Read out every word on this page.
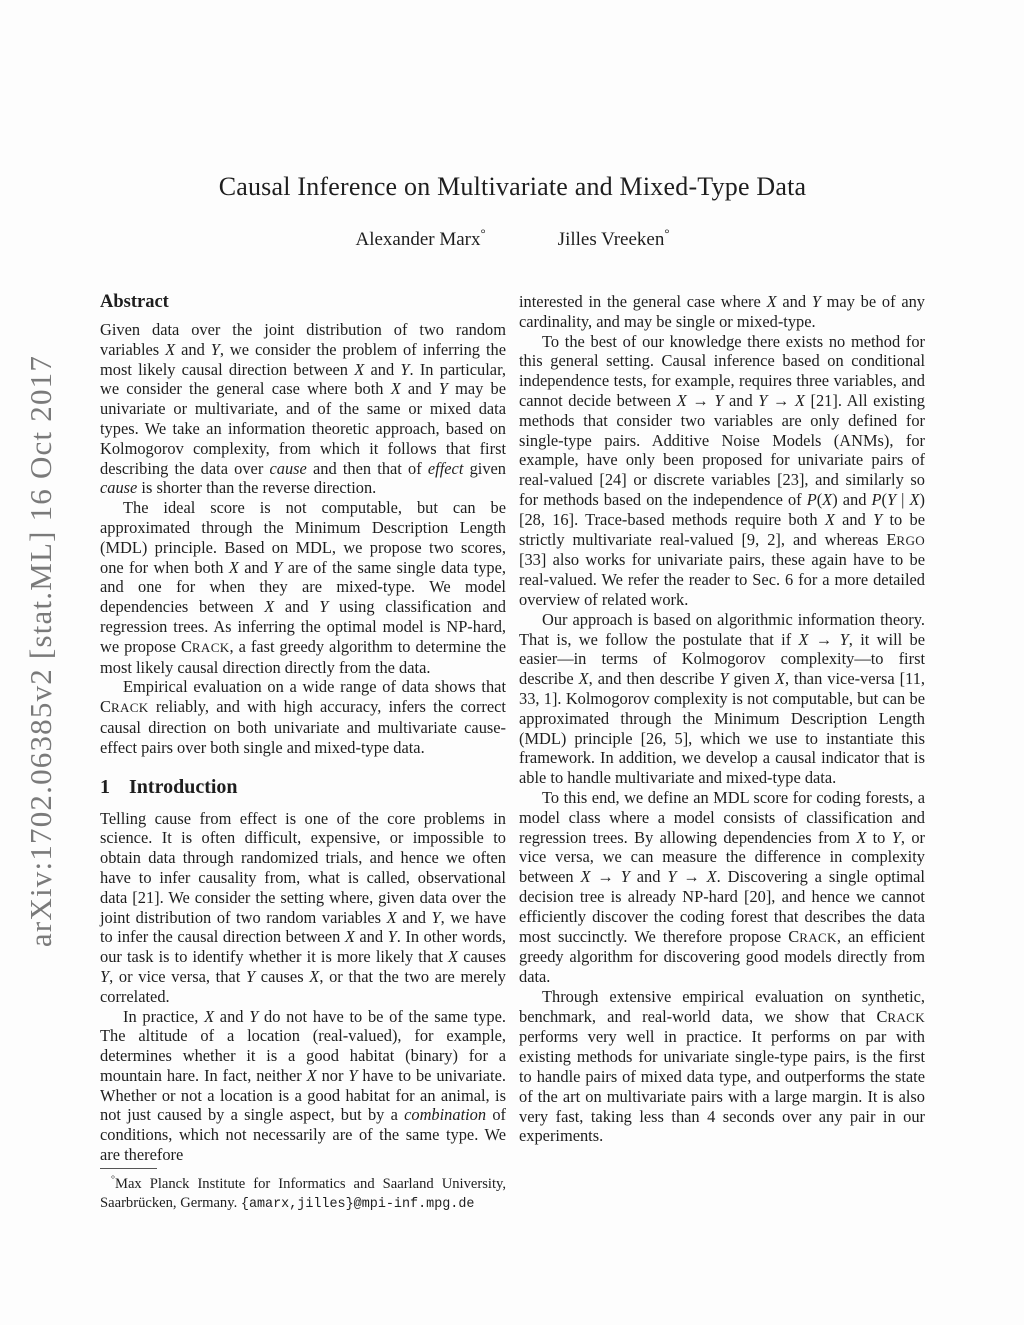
arXiv:1702.06385v2 [stat.ML] 16 Oct 2017
Causal Inference on Multivariate and Mixed-Type Data
Alexander Marx°	Jilles Vreeken°
Abstract

Given data over the joint distribution of two random variables X and Y, we consider the problem of inferring the most likely causal direction between X and Y. In particular, we consider the general case where both X and Y may be univariate or multivariate, and of the same or mixed data types. We take an information theoretic approach, based on Kolmogorov complexity, from which it follows that first describing the data over cause and then that of effect given cause is shorter than the reverse direction.

The ideal score is not computable, but can be approximated through the Minimum Description Length (MDL) principle. Based on MDL, we propose two scores, one for when both X and Y are of the same single data type, and one for when they are mixed-type. We model dependencies between X and Y using classification and regression trees. As inferring the optimal model is NP-hard, we propose CRACK, a fast greedy algorithm to determine the most likely causal direction directly from the data.

Empirical evaluation on a wide range of data shows that CRACK reliably, and with high accuracy, infers the correct causal direction on both univariate and multivariate cause-effect pairs over both single and mixed-type data.

1 Introduction

Telling cause from effect is one of the core problems in science. It is often difficult, expensive, or impossible to obtain data through randomized trials, and hence we often have to infer causality from, what is called, observational data [21]. We consider the setting where, given data over the joint distribution of two random variables X and Y, we have to infer the causal direction between X and Y. In other words, our task is to identify whether it is more likely that X causes Y, or vice versa, that Y causes X, or that the two are merely correlated.

In practice, X and Y do not have to be of the same type. The altitude of a location (real-valued), for example, determines whether it is a good habitat (binary) for a mountain hare. In fact, neither X nor Y have to be univariate. Whether or not a location is a good habitat for an animal, is not just caused by a single aspect, but by a combination of conditions, which not necessarily are of the same type. We are therefore

°Max Planck Institute for Informatics and Saarland University, Saarbrücken, Germany. {amarx,jilles}@mpi-inf.mpg.de

interested in the general case where X and Y may be of any cardinality, and may be single or mixed-type.

To the best of our knowledge there exists no method for this general setting. Causal inference based on conditional independence tests, for example, requires three variables, and cannot decide between X → Y and Y → X [21]. All existing methods that consider two variables are only defined for single-type pairs. Additive Noise Models (ANMs), for example, have only been proposed for univariate pairs of real-valued [24] or discrete variables [23], and similarly so for methods based on the independence of P(X) and P(Y | X) [28, 16]. Trace-based methods require both X and Y to be strictly multivariate real-valued [9, 2], and whereas ERGO [33] also works for univariate pairs, these again have to be real-valued. We refer the reader to Sec. 6 for a more detailed overview of related work.

Our approach is based on algorithmic information theory. That is, we follow the postulate that if X → Y, it will be easier—in terms of Kolmogorov complexity—to first describe X, and then describe Y given X, than vice-versa [11, 33, 1]. Kolmogorov complexity is not computable, but can be approximated through the Minimum Description Length (MDL) principle [26, 5], which we use to instantiate this framework. In addition, we develop a causal indicator that is able to handle multivariate and mixed-type data.

To this end, we define an MDL score for coding forests, a model class where a model consists of classification and regression trees. By allowing dependencies from X to Y, or vice versa, we can measure the difference in complexity between X → Y and Y → X. Discovering a single optimal decision tree is already NP-hard [20], and hence we cannot efficiently discover the coding forest that describes the data most succinctly. We therefore propose CRACK, an efficient greedy algorithm for discovering good models directly from data.

Through extensive empirical evaluation on synthetic, benchmark, and real-world data, we show that CRACK performs very well in practice. It performs on par with existing methods for univariate single-type pairs, is the first to handle pairs of mixed data type, and outperforms the state of the art on multivariate pairs with a large margin. It is also very fast, taking less than 4 seconds over any pair in our experiments.
